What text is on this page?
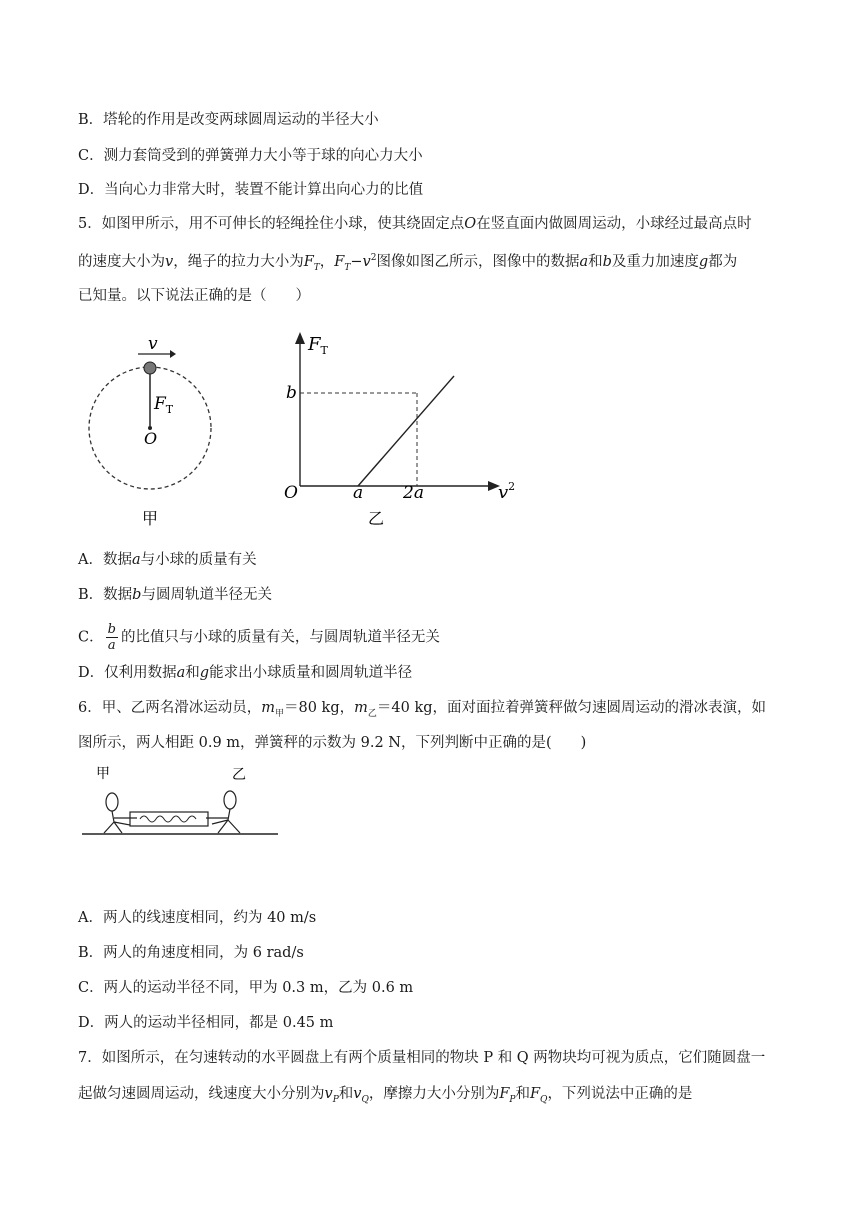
B．塔轮的作用是改变两球圆周运动的半径大小
C．测力套筒受到的弹簧弹力大小等于球的向心力大小
D．当向心力非常大时，装置不能计算出向心力的比值
5．如图甲所示，用不可伸长的轻绳拴住小球，使其绕固定点O在竖直面内做圆周运动，小球经过最高点时
的速度大小为v，绳子的拉力大小为$F_T$，$F_T-v^2$图像如图乙所示，图像中的数据a和b及重力加速度g都为
已知量。以下说法正确的是（　　）
v
$F_T$
O
甲
$F_T$
$v^2$
O
b
a 2a
乙
A．数据a与小球的质量有关
B．数据b与圆周轨道半径无关
C． $\frac{b}{a}$ 的比值只与小球的质量有关，与圆周轨道半径无关
D．仅利用数据a和g能求出小球质量和圆周轨道半径
6．甲、乙两名滑冰运动员，$m_甲=80$ kg，$m_乙=40$ kg，面对面拉着弹簧秤做匀速圆周运动的滑冰表演，如
图所示，两人相距 0.9 m，弹簧秤的示数为 9.2 N，下列判断中正确的是(　　)
甲	乙
A．两人的线速度相同，约为 40 m/s
B．两人的角速度相同，为 6 rad/s
C．两人的运动半径不同，甲为 0.3 m，乙为 0.6 m
D．两人的运动半径相同，都是 0.45 m
7．如图所示，在匀速转动的水平圆盘上有两个质量相同的物块 P 和 Q 两物块均可视为质点，它们随圆盘一
起做匀速圆周运动，线速度大小分别为$v_P$和$v_Q$，摩擦力大小分别为$F_P$和$F_Q$，下列说法中正确的是
